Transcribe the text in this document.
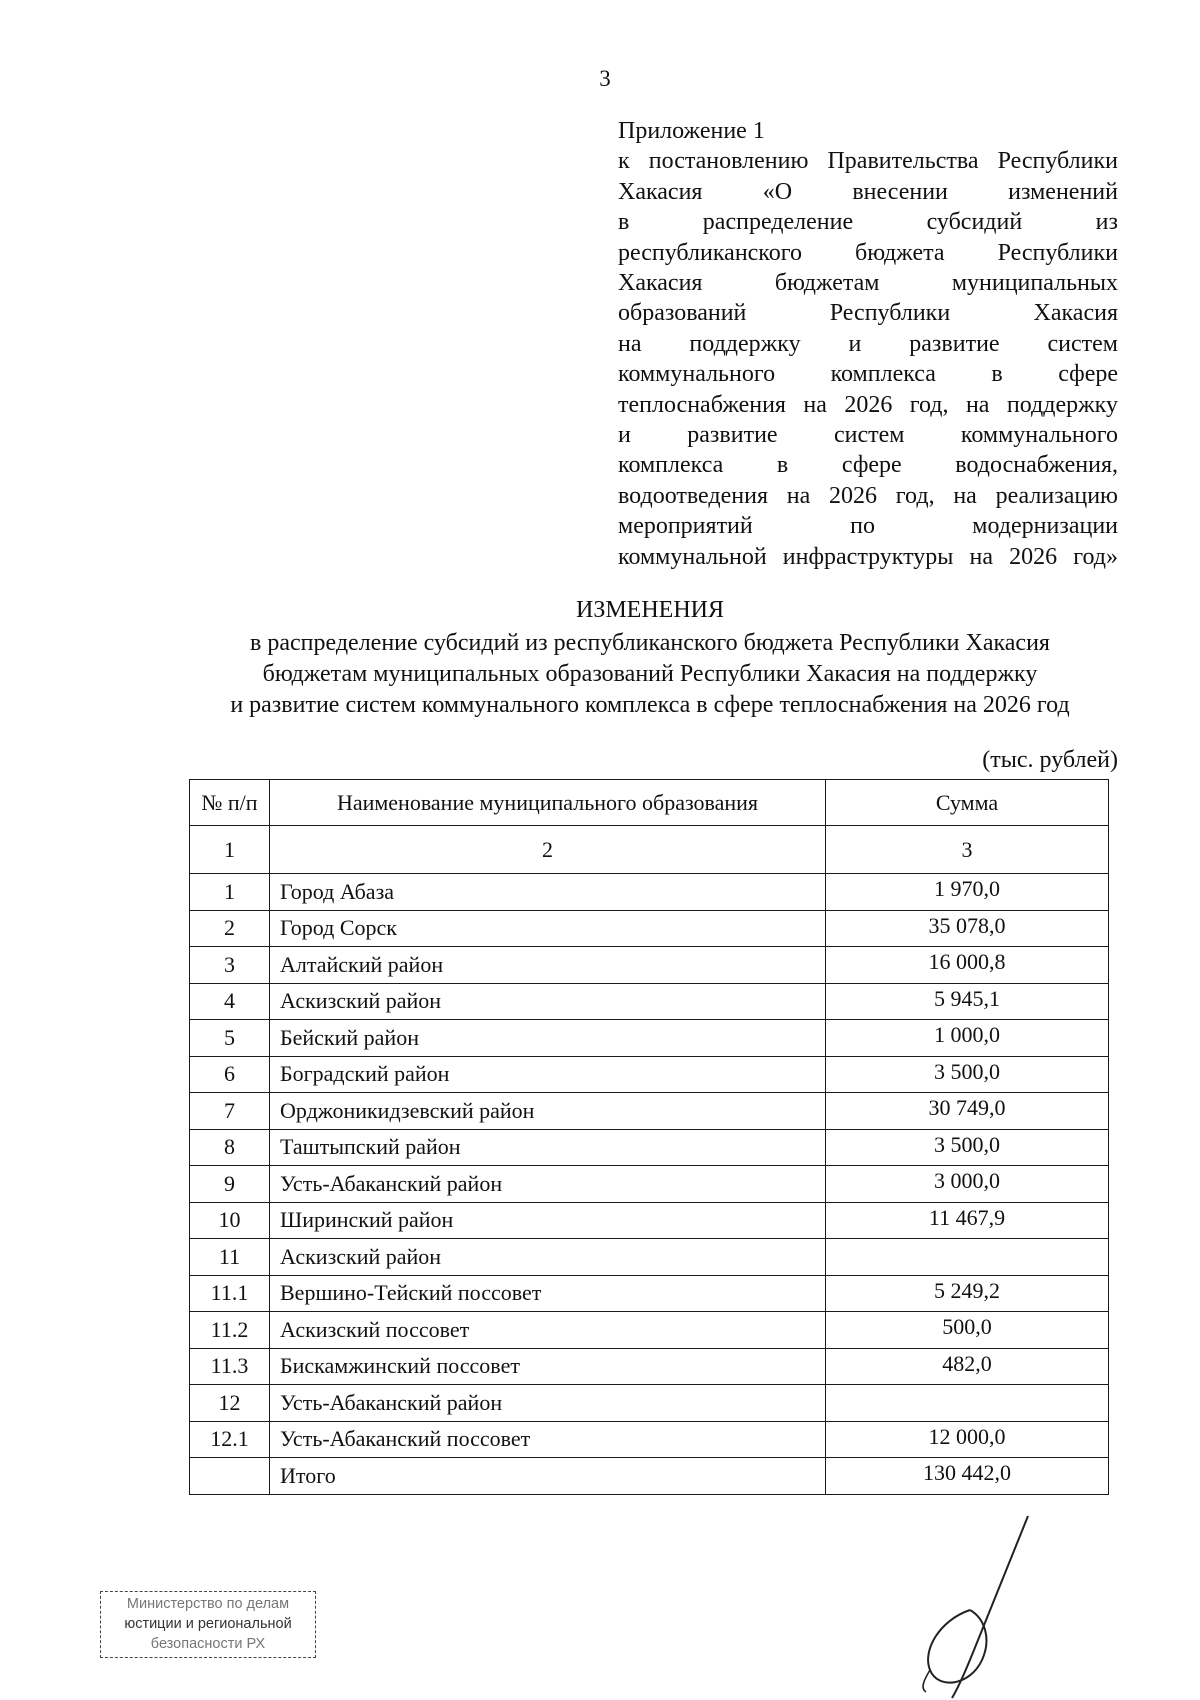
3
Приложение 1
к постановлению Правительства Республики
Хакасия «О внесении изменений
в распределение субсидий из
республиканского бюджета Республики
Хакасия бюджетам муниципальных
образований Республики Хакасия
на поддержку и развитие систем
коммунального комплекса в сфере
теплоснабжения на 2026 год, на поддержку
и развитие систем коммунального
комплекса в сфере водоснабжения,
водоотведения на 2026 год, на реализацию
мероприятий по модернизации
коммунальной инфраструктуры на 2026 год»
ИЗМЕНЕНИЯ
в распределение субсидий из республиканского бюджета Республики Хакасия
бюджетам муниципальных образований Республики Хакасия на поддержку
и развитие систем коммунального комплекса в сфере теплоснабжения на 2026 год
(тыс. рублей)
№ п/п	Наименование муниципального образования	Сумма
1	2	3
1	Город Абаза	1 970,0
2	Город Сорск	35 078,0
3	Алтайский район	16 000,8
4	Аскизский район	5 945,1
5	Бейский район	1 000,0
6	Боградский район	3 500,0
7	Орджоникидзевский район	30 749,0
8	Таштыпский район	3 500,0
9	Усть-Абаканский район	3 000,0
10	Ширинский район	11 467,9
11	Аскизский район	
11.1	Вершино-Тейский поссовет	5 249,2
11.2	Аскизский поссовет	500,0
11.3	Бискамжинский поссовет	482,0
12	Усть-Абаканский район	
12.1	Усть-Абаканский поссовет	12 000,0
	Итого	130 442,0
Министерство по делам
юстиции и региональной
безопасности РХ
